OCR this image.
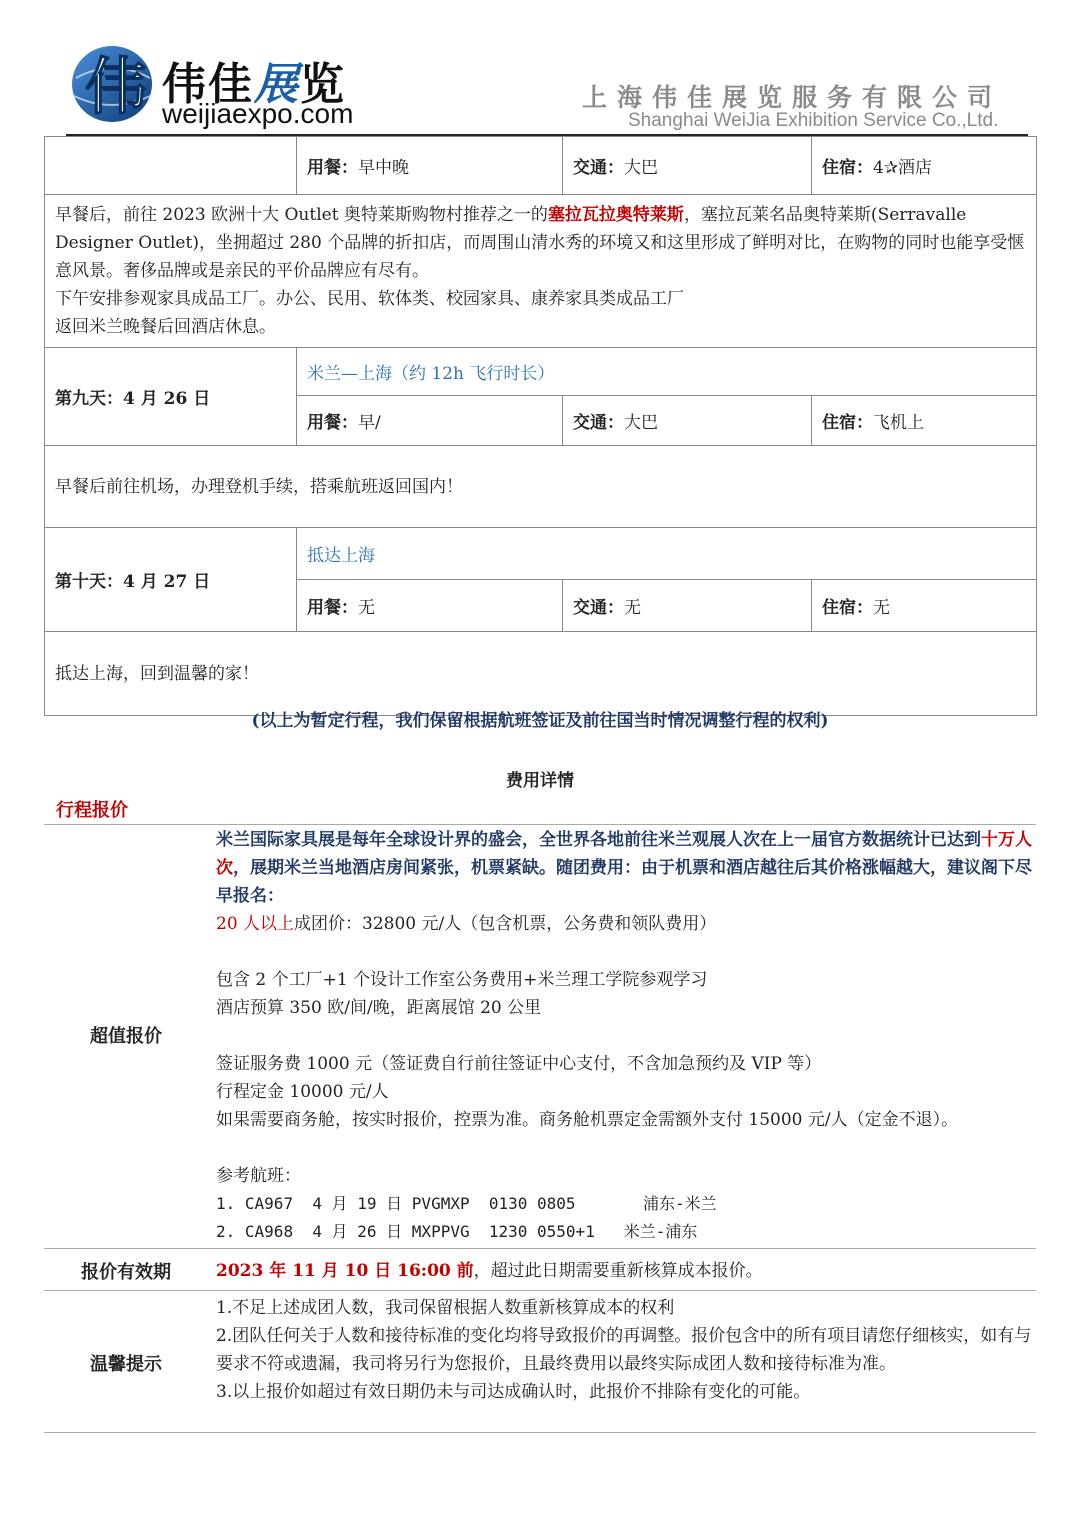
伟 伟佳展览
weijiaexpo.com
上海伟佳展览服务有限公司
Shanghai WeiJia Exhibition Service Co.,Ltd.
	用餐：早中晚	交通：大巴	住宿：4✰酒店

早餐后，前往 2023 欧洲十大 Outlet 奥特莱斯购物村推荐之一的塞拉瓦拉奥特莱斯，塞拉瓦莱名品奥特莱斯(Serravalle Designer Outlet)，坐拥超过 280 个品牌的折扣店，而周围山清水秀的环境又和这里形成了鲜明对比，在购物的同时也能享受惬意风景。奢侈品牌或是亲民的平价品牌应有尽有。
下午安排参观家具成品工厂。办公、民用、软体类、校园家具、康养家具类成品工厂
返回米兰晚餐后回酒店休息。			

第九天：4 月 26 日	米兰—上海（约 12h 飞行时长）		
	用餐：早/	交通：大巴	住宿：飞机上
早餐后前往机场，办理登机手续，搭乘航班返回国内！			
第十天：4 月 27 日	抵达上海		
	用餐：无	交通：无	住宿：无
抵达上海，回到温馨的家！			
(以上为暂定行程，我们保留根据航班签证及前往国当时情况调整行程的权利)
费用详情
行程报价
超值报价
米兰国际家具展是每年全球设计界的盛会，全世界各地前往米兰观展人次在上一届官方数据统计已达到十万人次，展期米兰当地酒店房间紧张，机票紧缺。随团费用：由于机票和酒店越往后其价格涨幅越大，建议阁下尽早报名：
20 人以上成团价：32800 元/人（包含机票，公务费和领队费用）
包含 2 个工厂+1 个设计工作室公务费用+米兰理工学院参观学习
酒店预算 350 欧/间/晚，距离展馆 20 公里
签证服务费 1000 元（签证费自行前往签证中心支付，不含加急预约及 VIP 等）
行程定金 10000 元/人
如果需要商务舱，按实时报价，控票为准。商务舱机票定金需额外支付 15000 元/人（定金不退）。
参考航班：
1. CA967 4 月 19 日 PVGMXP 0130 0805	浦东-米兰
2. CA968 4 月 26 日 MXPPVG 1230 0550+1 米兰-浦东
报价有效期	2023 年 11 月 10 日 16:00 前，超过此日期需要重新核算成本报价。
温馨提示
1.不足上述成团人数，我司保留根据人数重新核算成本的权利
2.团队任何关于人数和接待标准的变化均将导致报价的再调整。报价包含中的所有项目请您仔细核实，如有与要求不符或遗漏，我司将另行为您报价，且最终费用以最终实际成团人数和接待标准为准。
3.以上报价如超过有效日期仍未与司达成确认时，此报价不排除有变化的可能。
